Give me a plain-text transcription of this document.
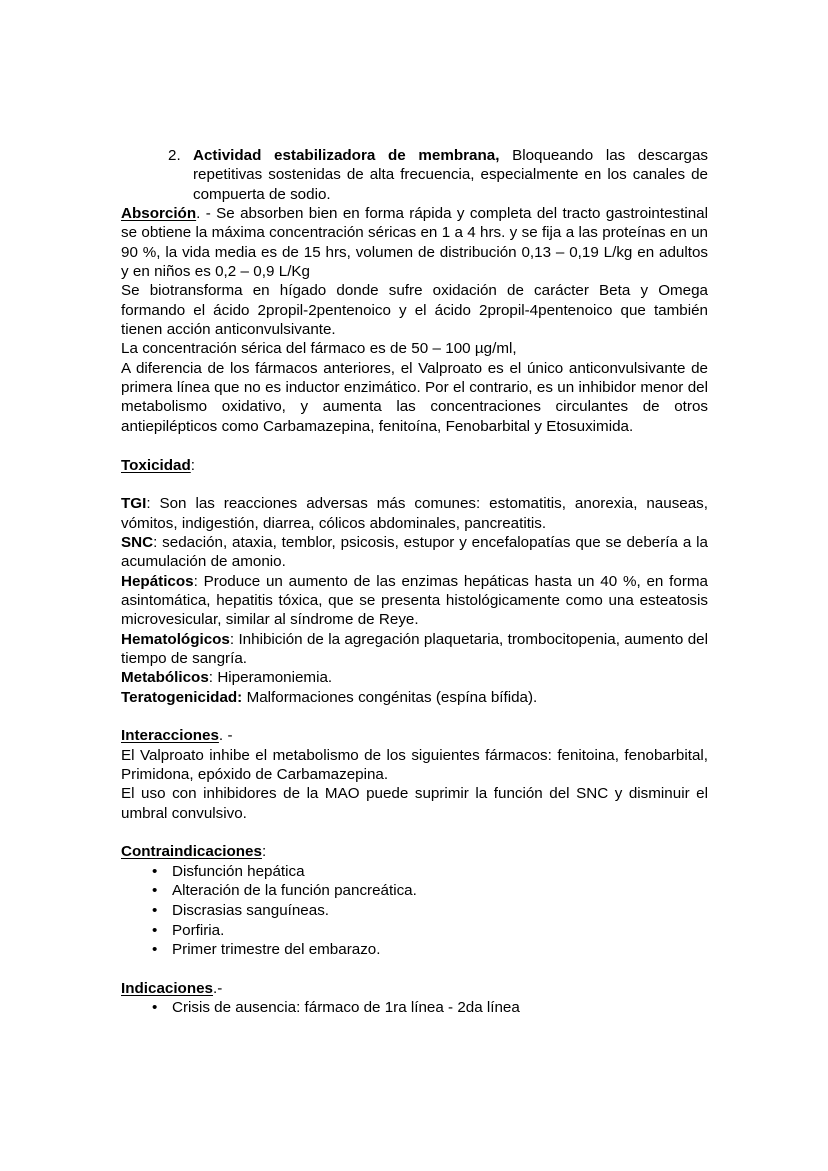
2. Actividad estabilizadora de membrana, Bloqueando las descargas repetitivas sostenidas de alta frecuencia, especialmente en los canales de compuerta de sodio.

Absorción. - Se absorben bien en forma rápida y completa del tracto gastrointestinal se obtiene la máxima concentración séricas en 1 a 4 hrs. y se fija a las proteínas en un 90 %, la vida media es de 15 hrs, volumen de distribución 0,13 – 0,19 L/kg en adultos y en niños es 0,2 – 0,9 L/Kg

Se biotransforma en hígado donde sufre oxidación de carácter Beta y Omega formando el ácido 2propil-2pentenoico y el ácido 2propil-4pentenoico que también tienen acción anticonvulsivante.

La concentración sérica del fármaco es de 50 – 100 µg/ml,

A diferencia de los fármacos anteriores, el Valproato es el único anticonvulsivante de primera línea que no es inductor enzimático. Por el contrario, es un inhibidor menor del metabolismo oxidativo, y aumenta las concentraciones circulantes de otros antiepilépticos como Carbamazepina, fenitoína, Fenobarbital y Etosuximida.

Toxicidad:

TGI: Son las reacciones adversas más comunes: estomatitis, anorexia, nauseas, vómitos, indigestión, diarrea, cólicos abdominales, pancreatitis.

SNC: sedación, ataxia, temblor, psicosis, estupor y encefalopatías que se debería a la acumulación de amonio.

Hepáticos: Produce un aumento de las enzimas hepáticas hasta un 40 %, en forma asintomática, hepatitis tóxica, que se presenta histológicamente como una esteatosis microvesicular, similar al síndrome de Reye.

Hematológicos: Inhibición de la agregación plaquetaria, trombocitopenia, aumento del tiempo de sangría.

Metabólicos: Hiperamoniemia.

Teratogenicidad: Malformaciones congénitas (espína bífida).

Interacciones. -

El Valproato inhibe el metabolismo de los siguientes fármacos: fenitoina, fenobarbital, Primidona, epóxido de Carbamazepina.

El uso con inhibidores de la MAO puede suprimir la función del SNC y disminuir el umbral convulsivo.

Contraindicaciones:

• Disfunción hepática
• Alteración de la función pancreática.
• Discrasias sanguíneas.
• Porfiria.
• Primer trimestre del embarazo.

Indicaciones.-

• Crisis de ausencia: fármaco de 1ra línea - 2da línea
